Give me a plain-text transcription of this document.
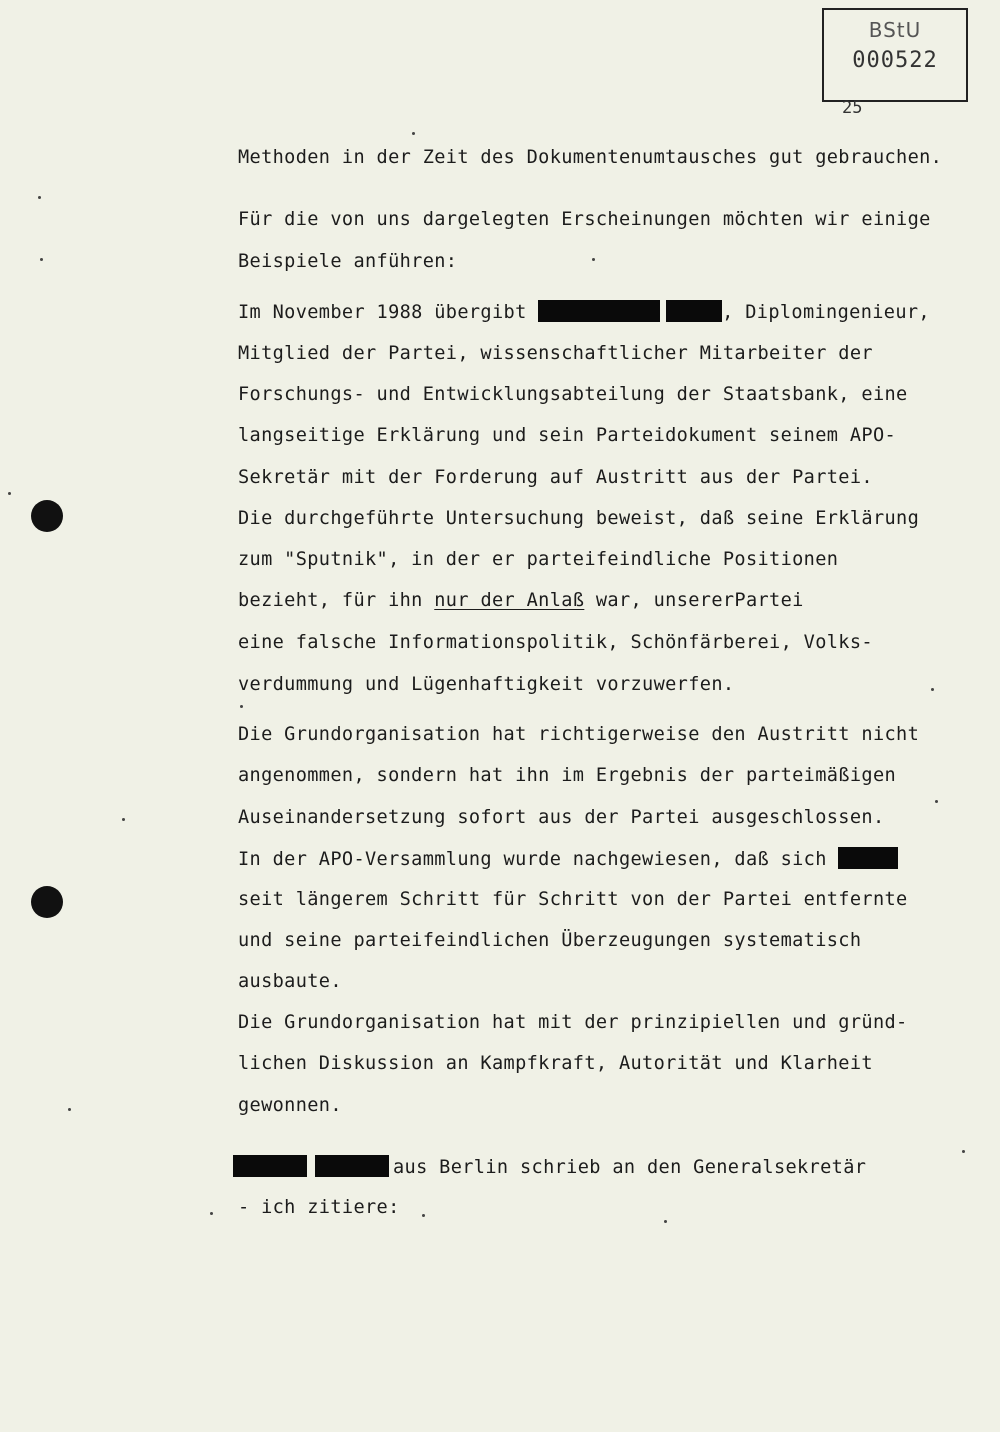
BStU
000522
25
Methoden in der Zeit des Dokumentenumtausches gut gebrauchen.
Für die von uns dargelegten Erscheinungen möchten wir einige
Beispiele anführen:
Im November 1988 übergibt	, Diplomingenieur,
Mitglied der Partei, wissenschaftlicher Mitarbeiter der
Forschungs- und Entwicklungsabteilung der Staatsbank, eine
langseitige Erklärung und sein Parteidokument seinem APO-
Sekretär mit der Forderung auf Austritt aus der Partei.
Die durchgeführte Untersuchung beweist, daß seine Erklärung
zum "Sputnik", in der er parteifeindliche Positionen
bezieht, für ihn nur der Anlaß war, unsererPartei
eine falsche Informationspolitik, Schönfärberei, Volks-
verdummung und Lügenhaftigkeit vorzuwerfen.
Die Grundorganisation hat richtigerweise den Austritt nicht
angenommen, sondern hat ihn im Ergebnis der parteimäßigen
Auseinandersetzung sofort aus der Partei ausgeschlossen.
In der APO-Versammlung wurde nachgewiesen, daß sich
seit längerem Schritt für Schritt von der Partei entfernte
und seine parteifeindlichen Überzeugungen systematisch
ausbaute.
Die Grundorganisation hat mit der prinzipiellen und gründ-
lichen Diskussion an Kampfkraft, Autorität und Klarheit
gewonnen.
aus Berlin schrieb an den Generalsekretär
- ich zitiere:
